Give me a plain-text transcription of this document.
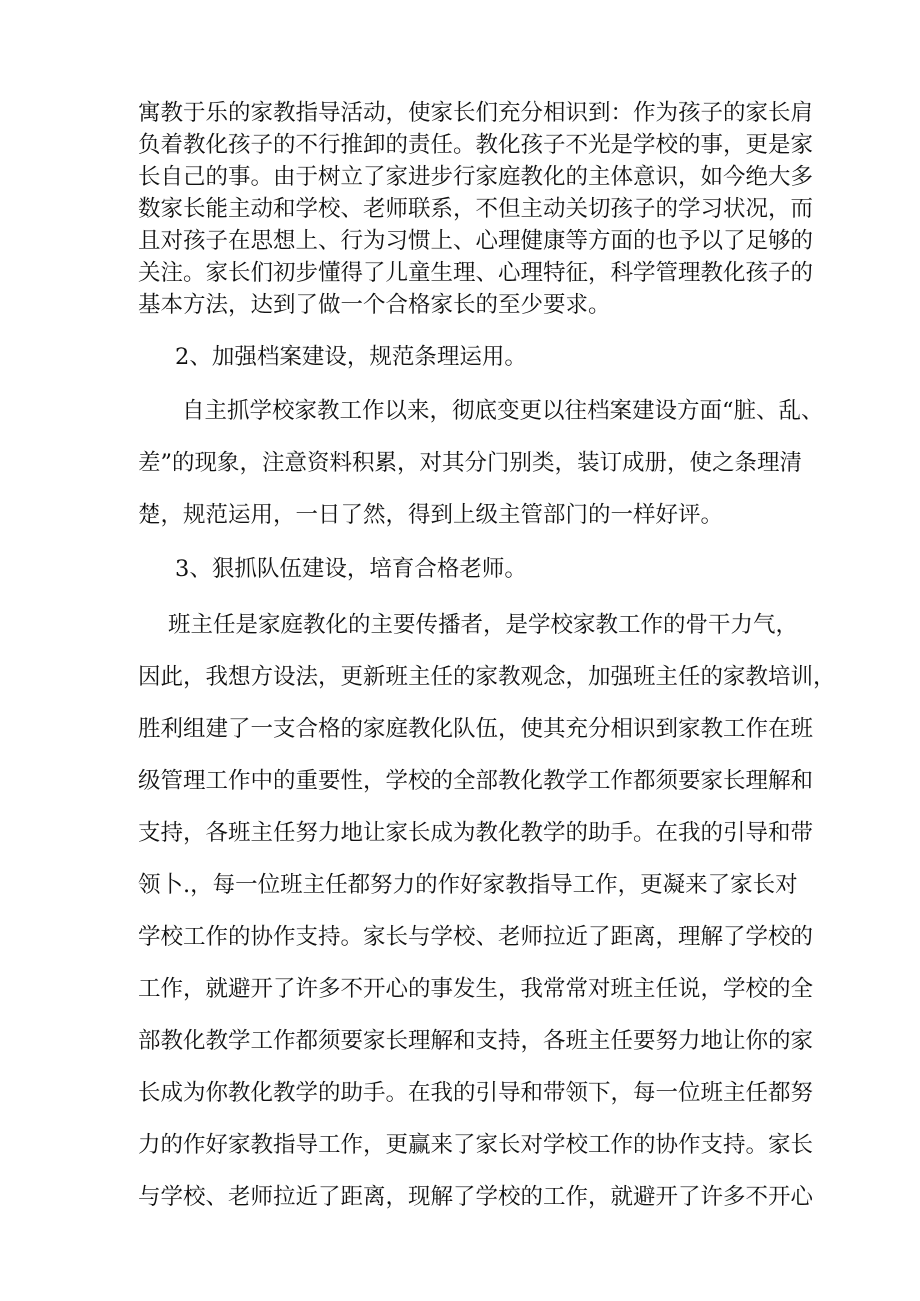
寓教于乐的家教指导活动，使家长们充分相识到：作为孩子的家长肩
负着教化孩子的不行推卸的责任。教化孩子不光是学校的事，更是家
长自己的事。由于树立了家进步行家庭教化的主体意识，如今绝大多
数家长能主动和学校、老师联系，不但主动关切孩子的学习状况，而
且对孩子在思想上、行为习惯上、心理健康等方面的也予以了足够的
关注。家长们初步懂得了儿童生理、心理特征，科学管理教化孩子的
基本方法，达到了做一个合格家长的至少要求。
2、加强档案建设，规范条理运用。
自主抓学校家教工作以来，彻底变更以往档案建设方面“脏、乱、
差”的现象，注意资料积累，对其分门别类，装订成册，使之条理清
楚，规范运用，一日了然，得到上级主管部门的一样好评。
3、狠抓队伍建设，培育合格老师。
班主任是家庭教化的主要传播者，是学校家教工作的骨干力气，
因此，我想方设法，更新班主任的家教观念，加强班主任的家教培训，
胜利组建了一支合格的家庭教化队伍，使其充分相识到家教工作在班
级管理工作中的重要性，学校的全部教化教学工作都须要家长理解和
支持，各班主任努力地让家长成为教化教学的助手。在我的引导和带
领卜.，每一位班主任都努力的作好家教指导工作，更凝来了家长对
学校工作的协作支持。家长与学校、老师拉近了距离，理解了学校的
工作，就避开了许多不开心的事发生，我常常对班主任说，学校的全
部教化教学工作都须要家长理解和支持，各班主任要努力地让你的家
长成为你教化教学的助手。在我的引导和带领下，每一位班主任都努
力的作好家教指导工作，更赢来了家长对学校工作的协作支持。家长
与学校、老师拉近了距离，现解了学校的工作，就避开了许多不开心
